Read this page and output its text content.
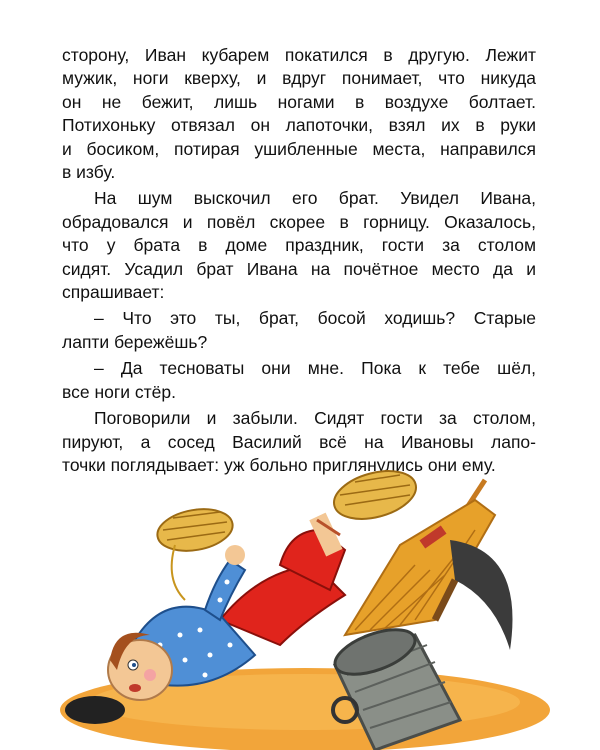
сторону, Иван кубарем покатился в другую. Лежит
мужик, ноги кверху, и вдруг понимает, что никуда
он не бежит, лишь ногами в воздухе болтает.
Потихоньку отвязал он лапоточки, взял их в руки
и босиком, потирая ушибленные места, направился
в избу.

На шум выскочил его брат. Увидел Ивана,
обрадовался и повёл скорее в горницу. Оказалось,
что у брата в доме праздник, гости за столом
сидят. Усадил брат Ивана на почётное место да и
спрашивает:

– Что это ты, брат, босой ходишь? Старые
лапти бережёшь?

– Да тесноваты они мне. Пока к тебе шёл,
все ноги стёр.

Поговорили и забыли. Сидят гости за столом,
пируют, а сосед Василий всё на Ивановы лапо-
точки поглядывает: уж больно приглянулись они ему.
